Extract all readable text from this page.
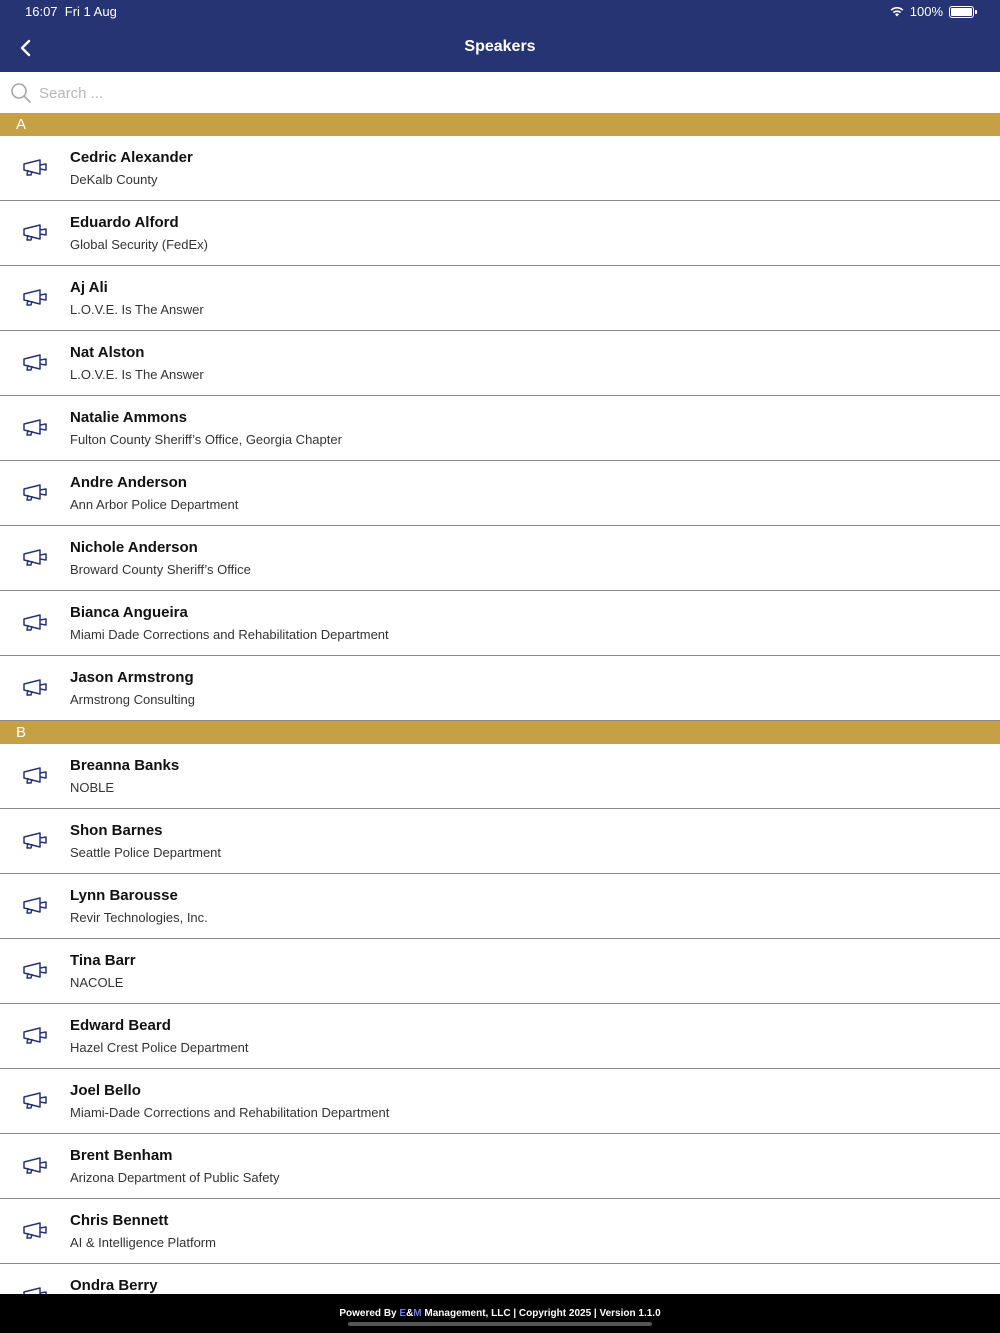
16:07 Fri 1 Aug	100%
Speakers
Search ...
A
Cedric Alexander
DeKalb County
Eduardo Alford
Global Security (FedEx)
Aj Ali
L.O.V.E. Is The Answer
Nat Alston
L.O.V.E. Is The Answer
Natalie Ammons
Fulton County Sheriff’s Office, Georgia Chapter
Andre Anderson
Ann Arbor Police Department
Nichole Anderson
Broward County Sheriff’s Office
Bianca Angueira
Miami Dade Corrections and Rehabilitation Department
Jason Armstrong
Armstrong Consulting
B
Breanna Banks
NOBLE
Shon Barnes
Seattle Police Department
Lynn Barousse
Revir Technologies, Inc.
Tina Barr
NACOLE
Edward Beard
Hazel Crest Police Department
Joel Bello
Miami-Dade Corrections and Rehabilitation Department
Brent Benham
Arizona Department of Public Safety
Chris Bennett
AI & Intelligence Platform
Ondra Berry
Powered By E&M Management, LLC | Copyright 2025 | Version 1.1.0
